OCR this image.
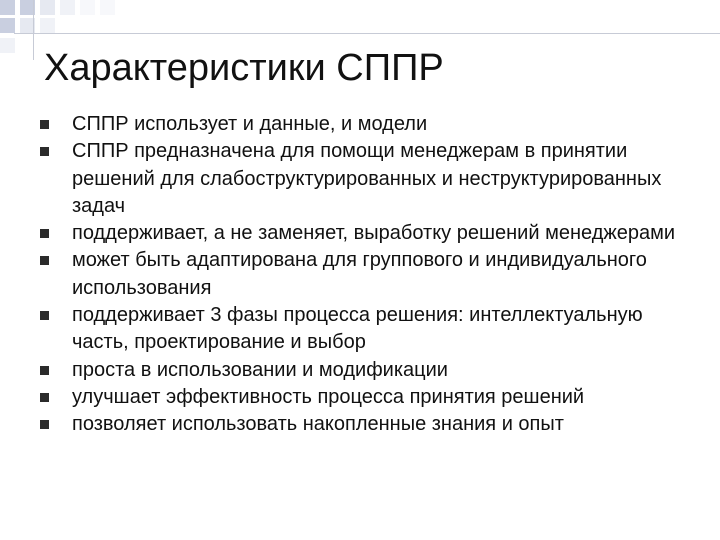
Характеристики СППР
СППР использует и данные, и модели
СППР предназначена для помощи менеджерам в принятии решений для слабоструктурированных и неструктурированных задач
поддерживает, а не заменяет, выработку решений менеджерами
может быть адаптирована для группового и индивидуального использования
поддерживает 3 фазы процесса решения: интеллектуальную часть, проектирование и выбор
проста в использовании и модификации
улучшает эффективность процесса принятия решений
позволяет использовать накопленные знания и опыт
